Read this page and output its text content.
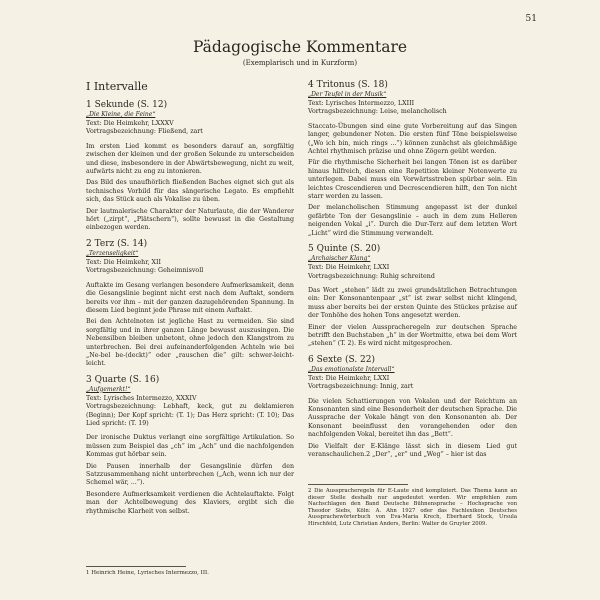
51
Pädagogische Kommentare
(Exemplarisch und in Kurzform)
I Intervalle
1 Sekunde (S. 12)
„Die Kleine, die Feine“

Text: Die Heimkehr, LXXXV

Vortragsbezeichnung: Fließend, zart

Im ersten Lied kommt es besonders darauf an, sorgfältig zwischen der kleinen und der großen Sekunde zu unterscheiden und diese, insbesondere in der Abwärtsbewegung, nicht zu weit, aufwärts nicht zu eng zu intonieren.

Das Bild des unaufhörlich fließenden Baches eignet sich gut als technisches Vorbild für das sängerische Legato. Es empfiehlt sich, das Stück auch als Vokalise zu üben.

Der lautmalerische Charakter der Naturlaute, die der Wanderer hört („zirpt“, „Plätschern“), sollte bewusst in die Gestaltung einbezogen werden.

2 Terz (S. 14)
„Terzenseligkeit“

Text: Die Heimkehr, XII

Vortragsbezeichnung: Geheimnisvoll

Auftakte im Gesang verlangen besondere Aufmerksamkeit, denn die Gesangslinie beginnt nicht erst nach dem Auftakt, sondern bereits vor ihm – mit der ganzen dazugehörenden Spannung. In diesem Lied beginnt jede Phrase mit einem Auftakt.

Bei den Achtelnoten ist jegliche Hast zu vermeiden. Sie sind sorgfältig und in ihrer ganzen Länge bewusst auszusingen. Die Nebensilben bleiben unbetont, ohne jedoch den Klangstrom zu unterbrechen. Bei drei aufeinanderfolgenden Achteln wie bei „Ne-bel be-(deckt)“ oder „rauschen die“ gilt: schwer-leicht-leicht.

3 Quarte (S. 16)
„Aufgemerkt!“

Text: Lyrisches Intermezzo, XXXIV

Vortragsbezeichnung: Lebhaft, keck, gut zu deklamieren (Beginn); Der Kopf spricht: (T. 1); Das Herz spricht: (T. 10); Das Lied spricht: (T. 19)

Der ironische Duktus verlangt eine sorgfältige Artikulation. So müssen zum Beispiel das „ch“ im „Ach“ und die nachfolgenden Kommas gut hörbar sein.

Die Pausen innerhalb der Gesangslinie dürfen den Satzzusammenhang nicht unterbrechen („Ach, wenn ich nur der Schemel wär, ...“).

Besondere Aufmerksamkeit verdienen die Achtelauftakte. Folgt man der Achtelbewegung des Klaviers, ergibt sich die rhythmische Klarheit von selbst.

4 Tritonus (S. 18)
„Der Teufel in der Musik“

Text: Lyrisches Intermezzo, LXIII

Vortragsbezeichnung: Leise, melancholisch

Staccato-Übungen sind eine gute Vorbereitung auf das Singen langer, gebundener Noten. Die ersten fünf Töne beispielsweise („Wo ich bin, mich rings ...“) können zunächst als gleichmäßige Achtel rhythmisch präzise und ohne Zögern geübt werden.

Für die rhythmische Sicherheit bei langen Tönen ist es darüber hinaus hilfreich, diesen eine Repetition kleiner Notenwerte zu unterlegen. Dabei muss ein Vorwärtsstreben spürbar sein. Ein leichtes Crescendieren und Decrescendieren hilft, den Ton nicht starr werden zu lassen.

Der melancholischen Stimmung angepasst ist der dunkel gefärbte Ton der Gesangslinie – auch in dem zum Helleren neigenden Vokal „i“. Durch die Dur-Terz auf dem letzten Wort „Licht“ wird die Stimmung verwandelt.

5 Quinte (S. 20)
„Archaischer Klang“

Text: Die Heimkehr, LXXI

Vortragsbezeichnung: Ruhig schreitend

Das Wort „stehen“ lädt zu zwei grundsätzlichen Betrachtungen ein: Der Konsonantenpaar „st“ ist zwar selbst nicht klingend, muss aber bereits bei der ersten Quinte des Stückes präzise auf der Tonhöhe des hohen Tons angesetzt werden.

Einer der vielen Ausspracheregeln zur deutschen Sprache betrifft den Buchstaben „h“ in der Wortmitte, etwa bei dem Wort „stehen“ (T. 2). Es wird nicht mitgesprochen.

6 Sexte (S. 22)
„Das emotionalste Intervall“

Text: Die Heimkehr, LXXI

Vortragsbezeichnung: Innig, zart

Die vielen Schattierungen von Vokalen und der Reichtum an Konsonanten sind eine Besonderheit der deutschen Sprache. Die Aussprache der Vokale hängt von den Konsonanten ab. Der Konsonant beeinflusst den vorangehenden oder den nachfolgenden Vokal, bereitet ihn das „Bett“.

Die Vielfalt der E-Klänge lässt sich in diesem Lied gut veranschaulichen.2 „Der“, „er“ und „Weg“ – hier ist das

2 Die Ausspracheregeln für E-Laute sind kompliziert. Das Thema kann an dieser Stelle deshalb nur angedeutet werden. Wir empfehlen zum Nachschlagen den Band Deutsche Bühnensprache – Hochsprache von Theodor Siebs, Köln: A. Ahn 1927 oder das Fachlexikon Deutsches Aussprachewörterbuch von Eva-Maria Krech, Eberhard Stock, Ursula Hirschfeld, Lutz Christian Anders, Berlin: Walter de Gruyter 2009.

1 Heinrich Heine, Lyrisches Intermezzo, III.
